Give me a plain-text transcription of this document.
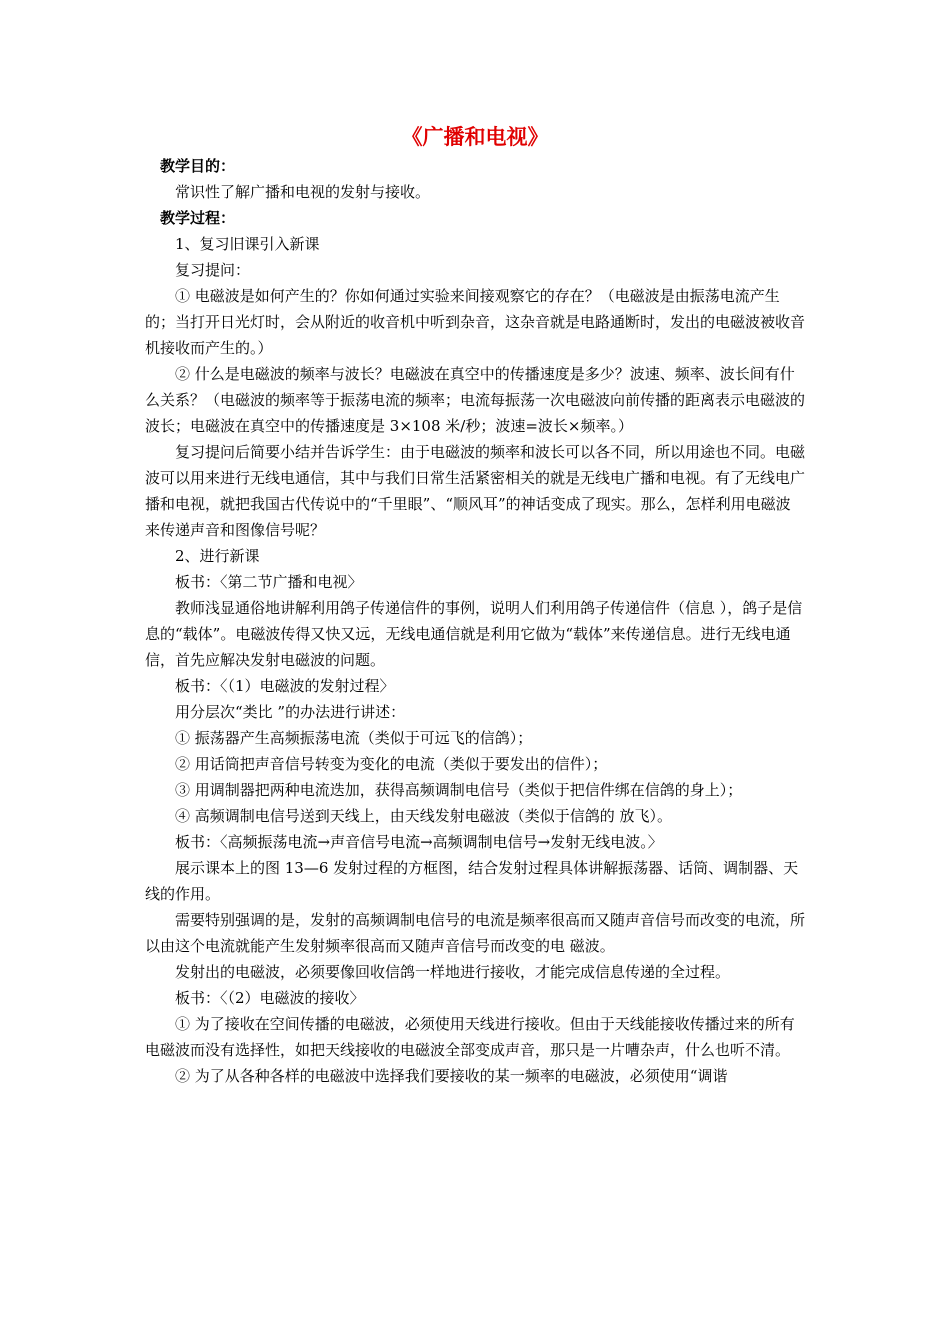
《广播和电视》

教学目的：

常识性了解广播和电视的发射与接收。

教学过程：

1、复习旧课引入新课

复习提问：

① 电磁波是如何产生的？你如何通过实验来间接观察它的存在？（电磁波是由振荡电流产生的；当打开日光灯时，会从附近的收音机中听到杂音，这杂音就是电路通断时，发出的电磁波被收音机接收而产生的。）

② 什么是电磁波的频率与波长？电磁波在真空中的传播速度是多少？波速、频率、波长间有什么关系？（电磁波的频率等于振荡电流的频率；电流每振荡一次电磁波向前传播的距离表示电磁波的波长；电磁波在真空中的传播速度是 3×108 米/秒；波速=波长×频率。）

复习提问后简要小结并告诉学生：由于电磁波的频率和波长可以各不同，所以用途也不同。电磁波可以用来进行无线电通信，其中与我们日常生活紧密相关的就是无线电广播和电视。有了无线电广播和电视，就把我国古代传说中的“千里眼”、“顺风耳”的神话变成了现实。那么，怎样利用电磁波来传递声音和图像信号呢？

2、进行新课

板书：〈第二节广播和电视〉

教师浅显通俗地讲解利用鸽子传递信件的事例，说明人们利用鸽子传递信件（信息 ），鸽子是信息的“载体”。电磁波传得又快又远，无线电通信就是利用它做为“载体”来传递信息。进行无线电通信，首先应解决发射电磁波的问题。

板书：〈（1）电磁波的发射过程〉

用分层次“类比 ”的办法进行讲述：

① 振荡器产生高频振荡电流（类似于可远飞的信鸽）；

② 用话筒把声音信号转变为变化的电流（类似于要发出的信件）；

③ 用调制器把两种电流迭加，获得高频调制电信号（类似于把信件绑在信鸽的身上）；

④ 高频调制电信号送到天线上，由天线发射电磁波（类似于信鸽的 放飞）。

板书：〈高频振荡电流→声音信号电流→高频调制电信号→发射无线电波。〉

展示课本上的图 13—6 发射过程的方框图，结合发射过程具体讲解振荡器、话筒、调制器、天线的作用。

需要特别强调的是，发射的高频调制电信号的电流是频率很高而又随声音信号而改变的电流，所以由这个电流就能产生发射频率很高而又随声音信号而改变的电 磁波。

发射出的电磁波，必须要像回收信鸽一样地进行接收，才能完成信息传递的全过程。

板书：〈（2）电磁波的接收〉

① 为了接收在空间传播的电磁波，必须使用天线进行接收。但由于天线能接收传播过来的所有电磁波而没有选择性，如把天线接收的电磁波全部变成声音，那只是一片嘈杂声，什么也听不清。

② 为了从各种各样的电磁波中选择我们要接收的某一频率的电磁波，必须使用“调谐
